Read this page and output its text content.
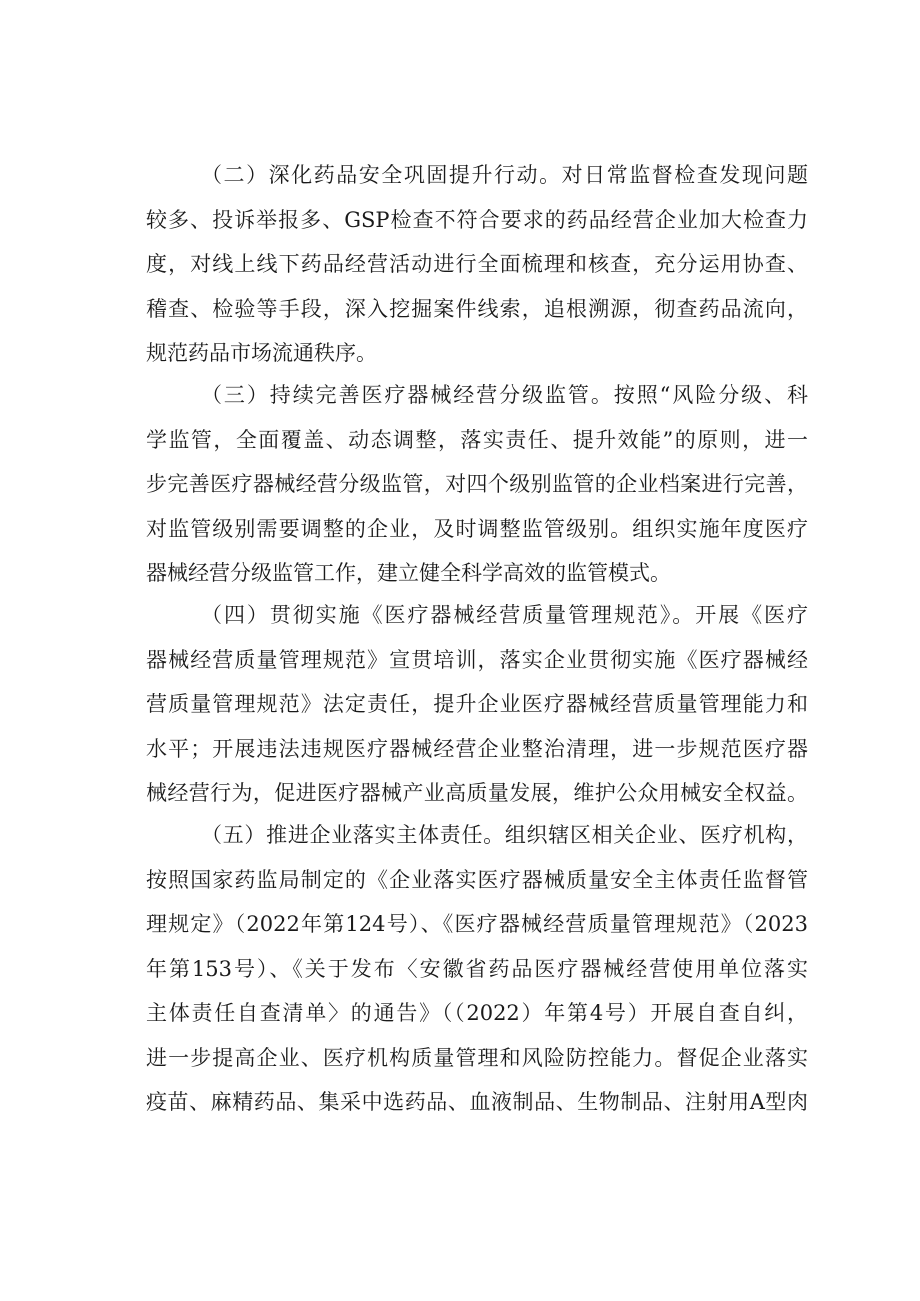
（二）深化药品安全巩固提升行动。对日常监督检查发现问题
较多、投诉举报多、GSP检查不符合要求的药品经营企业加大检查力
度，对线上线下药品经营活动进行全面梳理和核查，充分运用协查、
稽查、检验等手段，深入挖掘案件线索，追根溯源，彻查药品流向，
规范药品市场流通秩序。
（三）持续完善医疗器械经营分级监管。按照“风险分级、科
学监管，全面覆盖、动态调整，落实责任、提升效能”的原则，进一
步完善医疗器械经营分级监管，对四个级别监管的企业档案进行完善，
对监管级别需要调整的企业，及时调整监管级别。组织实施年度医疗
器械经营分级监管工作，建立健全科学高效的监管模式。
（四）贯彻实施《医疗器械经营质量管理规范》。开展《医疗
器械经营质量管理规范》宣贯培训，落实企业贯彻实施《医疗器械经
营质量管理规范》法定责任，提升企业医疗器械经营质量管理能力和
水平；开展违法违规医疗器械经营企业整治清理，进一步规范医疗器
械经营行为，促进医疗器械产业高质量发展，维护公众用械安全权益。
（五）推进企业落实主体责任。组织辖区相关企业、医疗机构，
按照国家药监局制定的《企业落实医疗器械质量安全主体责任监督管
理规定》（2022年第124号）、《医疗器械经营质量管理规范》（2023
年第153号）、《关于发布〈安徽省药品医疗器械经营使用单位落实
主体责任自查清单〉的通告》（（2022）年第4号）开展自查自纠，
进一步提高企业、医疗机构质量管理和风险防控能力。督促企业落实
疫苗、麻精药品、集采中选药品、血液制品、生物制品、注射用A型肉
